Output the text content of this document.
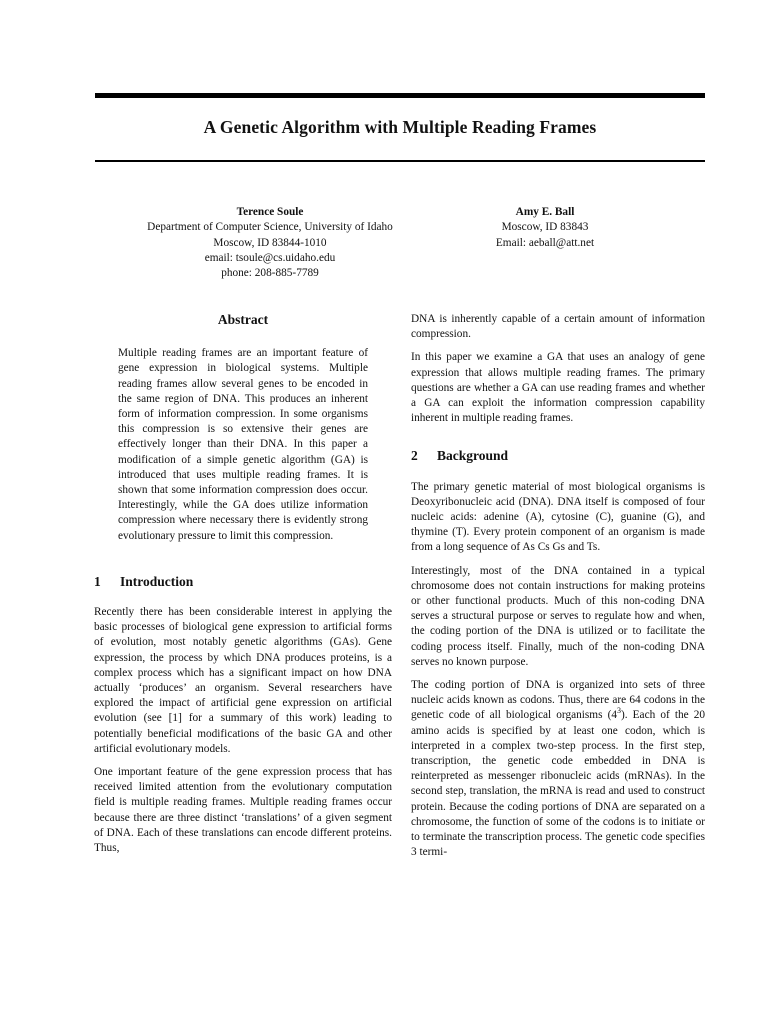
A Genetic Algorithm with Multiple Reading Frames
Terence Soule
Department of Computer Science, University of Idaho
Moscow, ID 83844-1010
email: tsoule@cs.uidaho.edu
phone: 208-885-7789
Amy E. Ball
Moscow, ID 83843
Email: aeball@att.net
Abstract

Multiple reading frames are an important feature of gene expression in biological systems. Multiple reading frames allow several genes to be encoded in the same region of DNA. This produces an inherent form of information compression. In some organisms this compression is so extensive their genes are effectively longer than their DNA. In this paper a modification of a simple genetic algorithm (GA) is introduced that uses multiple reading frames. It is shown that some information compression does occur. Interestingly, while the GA does utilize information compression where necessary there is evidently strong evolutionary pressure to limit this compression.

1	Introduction

Recently there has been considerable interest in applying the basic processes of biological gene expression to artificial forms of evolution, most notably genetic algorithms (GAs). Gene expression, the process by which DNA produces proteins, is a complex process which has a significant impact on how DNA actually ‘produces’ an organism. Several researchers have explored the impact of artificial gene expression on artificial evolution (see [1] for a summary of this work) leading to potentially beneficial modifications of the basic GA and other artificial evolutionary models.

One important feature of the gene expression process that has received limited attention from the evolutionary computation field is multiple reading frames. Multiple reading frames occur because there are three distinct ‘translations’ of a given segment of DNA. Each of these translations can encode different proteins. Thus,

DNA is inherently capable of a certain amount of information compression.

In this paper we examine a GA that uses an analogy of gene expression that allows multiple reading frames. The primary questions are whether a GA can use reading frames and whether a GA can exploit the information compression capability inherent in multiple reading frames.

2	Background

The primary genetic material of most biological organisms is Deoxyribonucleic acid (DNA). DNA itself is composed of four nucleic acids: adenine (A), cytosine (C), guanine (G), and thymine (T). Every protein component of an organism is made from a long sequence of As Cs Gs and Ts.

Interestingly, most of the DNA contained in a typical chromosome does not contain instructions for making proteins or other functional products. Much of this non-coding DNA serves a structural purpose or serves to regulate how and when, the coding portion of the DNA is utilized or to facilitate the coding process itself. Finally, much of the non-coding DNA serves no known purpose.

The coding portion of DNA is organized into sets of three nucleic acids known as codons. Thus, there are 64 codons in the genetic code of all biological organisms $(4^3)$. Each of the 20 amino acids is specified by at least one codon, which is interpreted in a complex two-step process. In the first step, transcription, the genetic code embedded in DNA is reinterpreted as messenger ribonucleic acids (mRNAs). In the second step, translation, the mRNA is read and used to construct protein. Because the coding portions of DNA are separated on a chromosome, the function of some of the codons is to initiate or to terminate the transcription process. The genetic code specifies 3 termi-
